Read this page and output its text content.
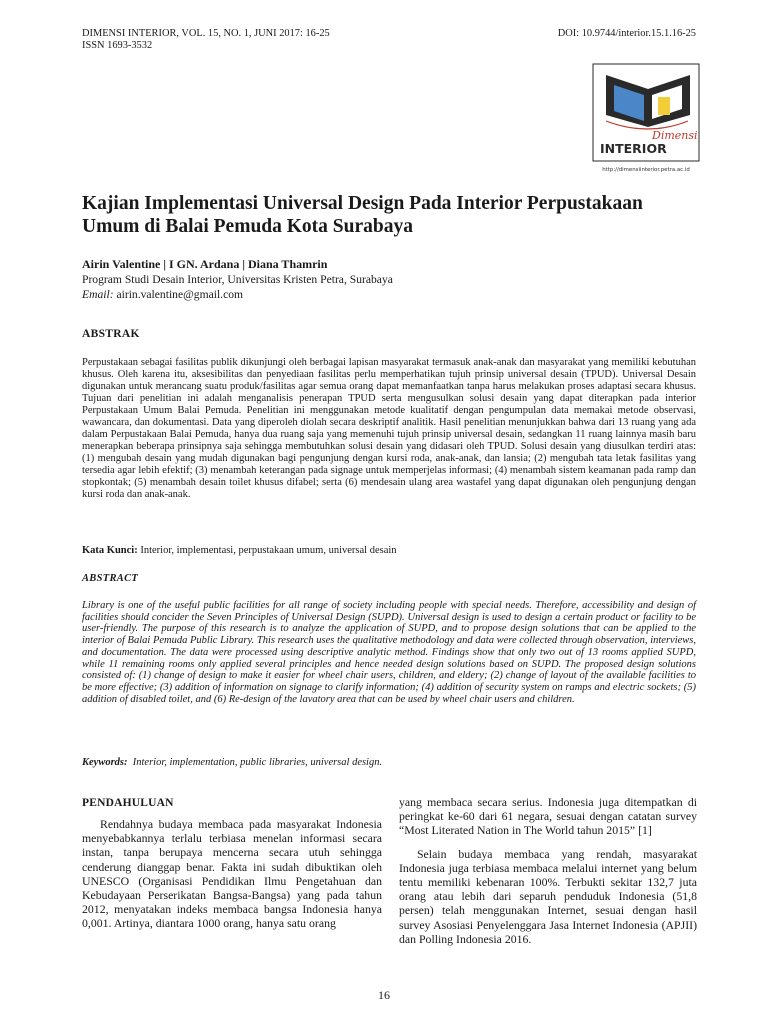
DIMENSI INTERIOR, VOL. 15, NO. 1, JUNI 2017: 16-25
ISSN 1693-3532
DOI: 10.9744/interior.15.1.16-25
Dimensi
INTERIOR
http://dimensiinterior.petra.ac.id
Kajian Implementasi Universal Design Pada Interior Perpustakaan Umum di Balai Pemuda Kota Surabaya
Airin Valentine | I GN. Ardana | Diana Thamrin
Program Studi Desain Interior, Universitas Kristen Petra, Surabaya
Email: airin.valentine@gmail.com
ABSTRAK
Perpustakaan sebagai fasilitas publik dikunjungi oleh berbagai lapisan masyarakat termasuk anak-anak dan masyarakat yang memiliki kebutuhan khusus. Oleh karena itu, aksesibilitas dan penyediaan fasilitas perlu memperhatikan tujuh prinsip universal desain (TPUD). Universal Desain digunakan untuk merancang suatu produk/fasilitas agar semua orang dapat memanfaatkan tanpa harus melakukan proses adaptasi secara khusus. Tujuan dari penelitian ini adalah menganalisis penerapan TPUD serta mengusulkan solusi desain yang dapat diterapkan pada interior Perpustakaan Umum Balai Pemuda. Penelitian ini menggunakan metode kualitatif dengan pengumpulan data memakai metode observasi, wawancara, dan dokumentasi. Data yang diperoleh diolah secara deskriptif analitik. Hasil penelitian menunjukkan bahwa dari 13 ruang yang ada dalam Perpustakaan Balai Pemuda, hanya dua ruang saja yang memenuhi tujuh prinsip universal desain, sedangkan 11 ruang lainnya masih baru menerapkan beberapa prinsipnya saja sehingga membutuhkan solusi desain yang didasari oleh TPUD. Solusi desain yang diusulkan terdiri atas: (1) mengubah desain yang mudah digunakan bagi pengunjung dengan kursi roda, anak-anak, dan lansia; (2) mengubah tata letak fasilitas yang tersedia agar lebih efektif; (3) menambah keterangan pada signage untuk memperjelas informasi; (4) menambah sistem keamanan pada ramp dan stopkontak; (5) menambah desain toilet khusus difabel; serta (6) mendesain ulang area wastafel yang dapat digunakan oleh pengunjung dengan kursi roda dan anak-anak.
Kata Kunci: Interior, implementasi, perpustakaan umum, universal desain
ABSTRACT
Library is one of the useful public facilities for all range of society including people with special needs. Therefore, accessibility and design of facilities should concider the Seven Principles of Universal Design (SUPD). Universal design is used to design a certain product or facility to be user-friendly. The purpose of this research is to analyze the application of SUPD, and to propose design solutions that can be applied to the interior of Balai Pemuda Public Library. This research uses the qualitative methodology and data were collected through observation, interviews, and documentation. The data were processed using descriptive analytic method. Findings show that only two out of 13 rooms applied SUPD, while 11 remaining rooms only applied several principles and hence needed design solutions based on SUPD. The proposed design solutions consisted of: (1) change of design to make it easier for wheel chair users, children, and eldery; (2) change of layout of the available facilities to be more effective; (3) addition of information on signage to clarify information; (4) addition of security system on ramps and electric sockets; (5) addition of disabled toilet, and (6) Re-design of the lavatory area that can be used by wheel chair users and children.
Keywords: Interior, implementation, public libraries, universal design.
PENDAHULUAN

Rendahnya budaya membaca pada masyarakat Indonesia menyebabkannya terlalu terbiasa menelan informasi secara instan, tanpa berupaya mencerna secara utuh sehingga cenderung dianggap benar. Fakta ini sudah dibuktikan oleh UNESCO (Organisasi Pendidikan Ilmu Pengetahuan dan Kebudayaan Perserikatan Bangsa-Bangsa) yang pada tahun 2012, menyatakan indeks membaca bangsa Indonesia hanya 0,001. Artinya, diantara 1000 orang, hanya satu orang

yang membaca secara serius. Indonesia juga ditempatkan di peringkat ke-60 dari 61 negara, sesuai dengan catatan survey “Most Literated Nation in The World tahun 2015” [1]

Selain budaya membaca yang rendah, masyarakat Indonesia juga terbiasa membaca melalui internet yang belum tentu memiliki kebenaran 100%. Terbukti sekitar 132,7 juta orang atau lebih dari separuh penduduk Indonesia (51,8 persen) telah menggunakan Internet, sesuai dengan hasil survey Asosiasi Penyelenggara Jasa Internet Indonesia (APJII) dan Polling Indonesia 2016.

16
